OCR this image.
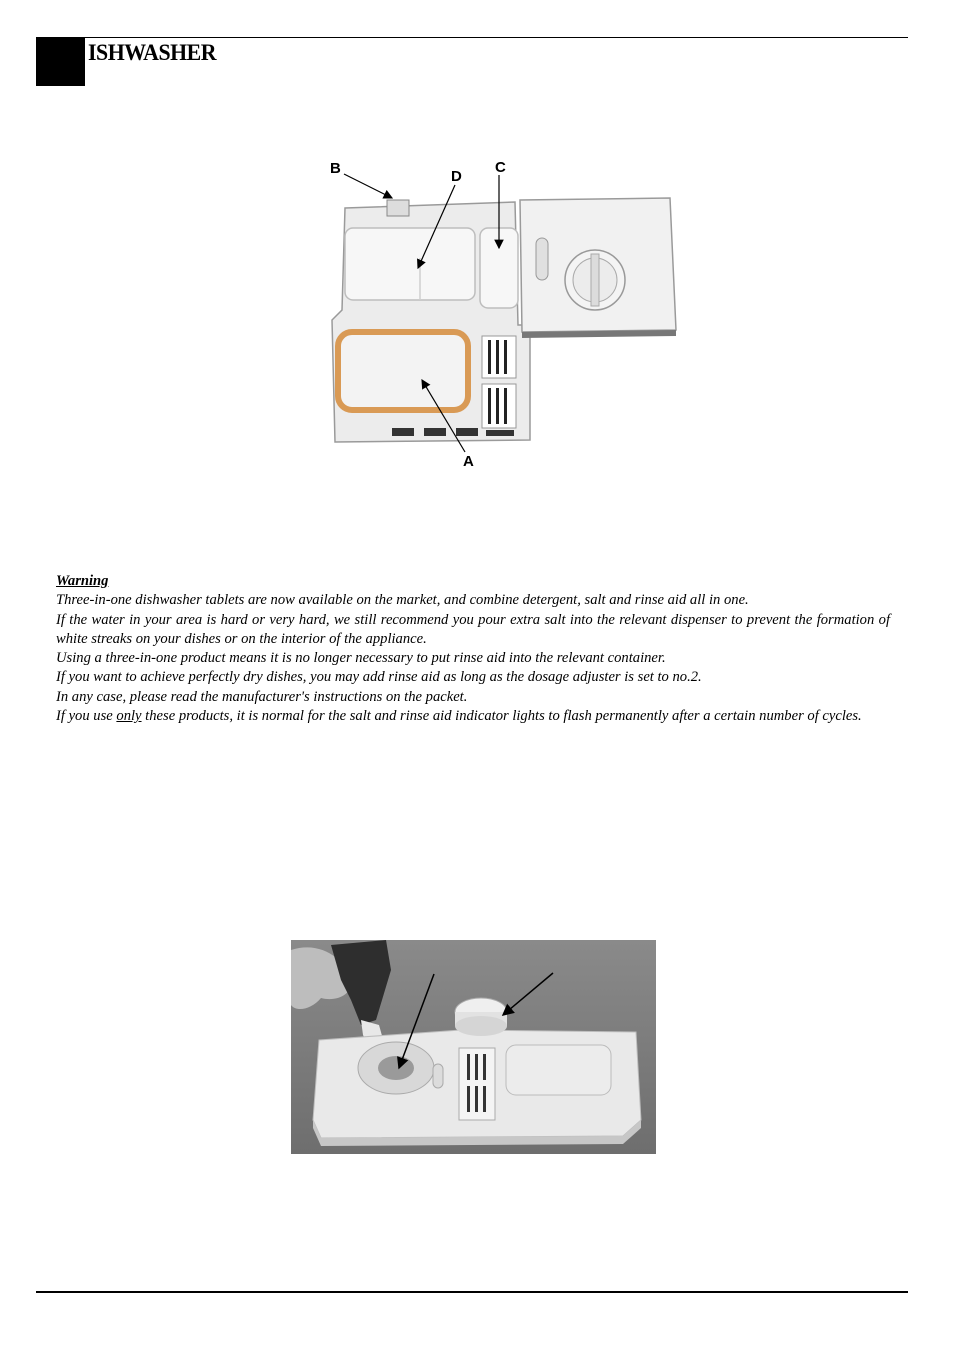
ISHWASHER
B	D
C
A

Warning

Three-in-one dishwasher tablets are now available on the market, and combine detergent, salt and rinse aid all in one.

If the water in your area is hard or very hard, we still recommend you pour extra salt into the relevant dispenser to prevent the formation of white streaks on your dishes or on the interior of the appliance.

Using a three-in-one product means it is no longer necessary to put rinse aid into the relevant container.

If you want to achieve perfectly dry dishes, you may add rinse aid as long as the dosage adjuster is set to no.2.

In any case, please read the manufacturer's instructions on the packet.

If you use only these products, it is normal for the salt and rinse aid indicator lights to flash permanently after a certain number of cycles.
